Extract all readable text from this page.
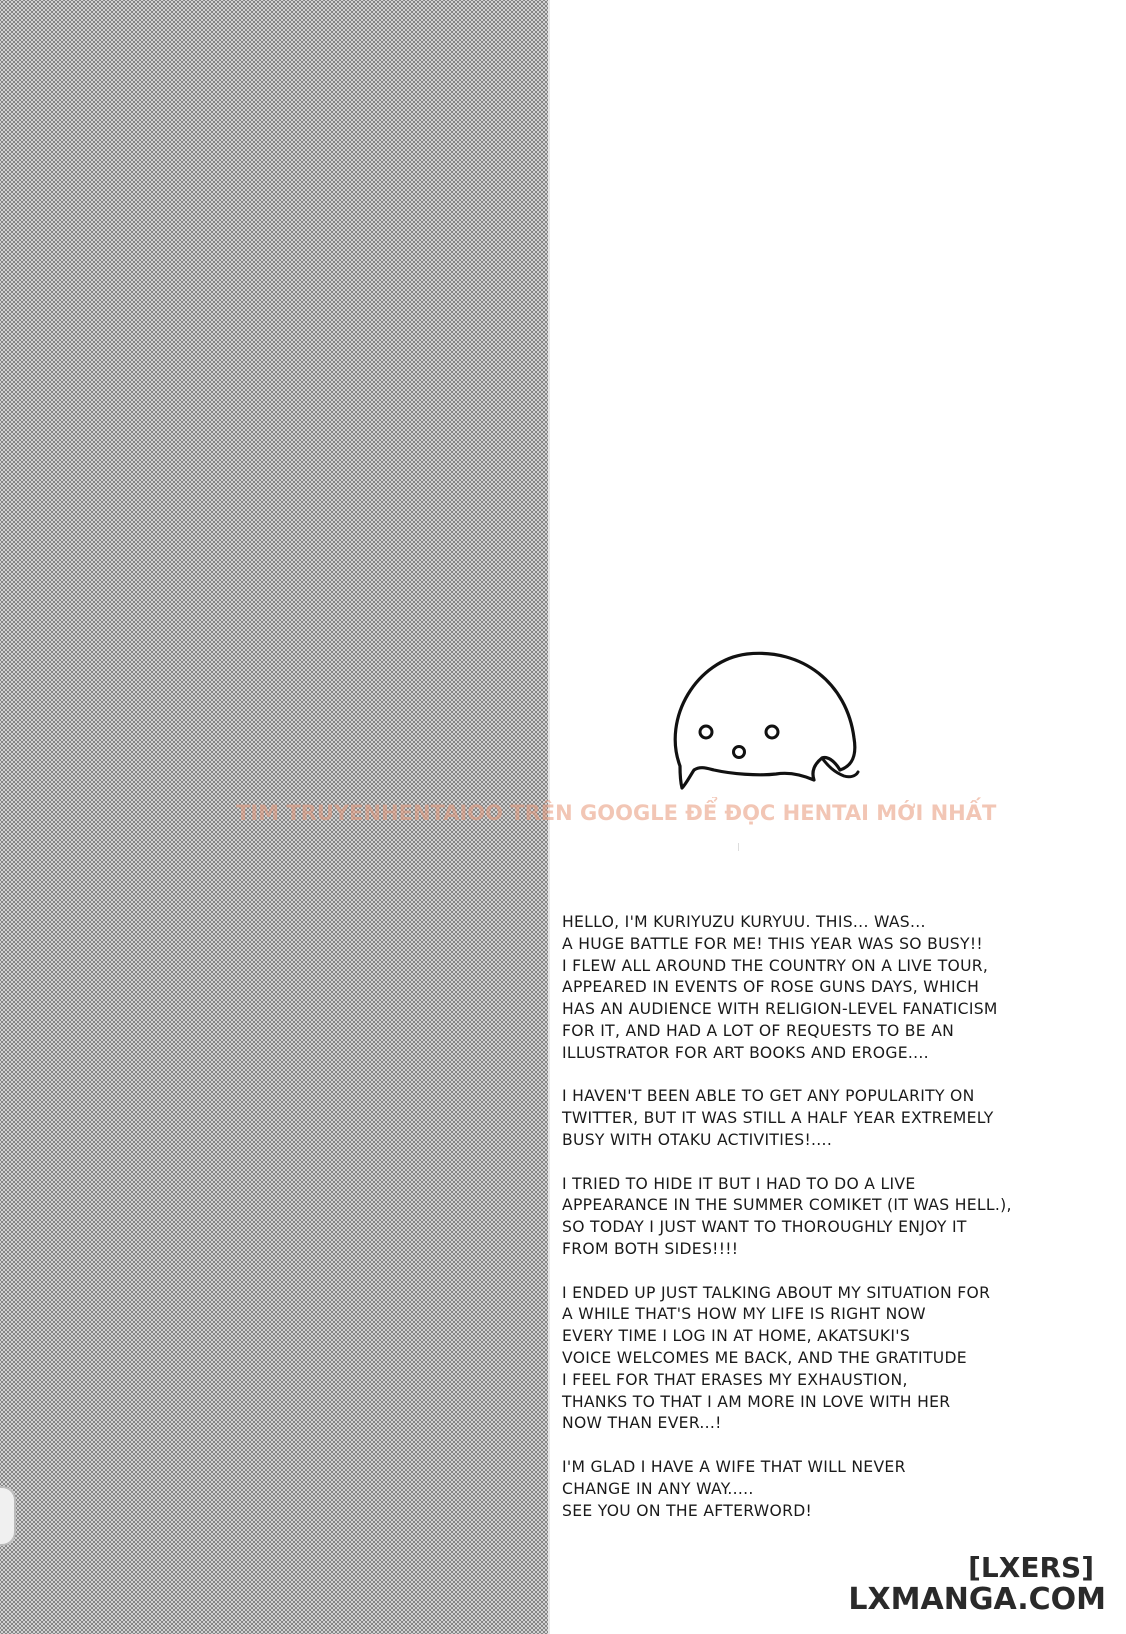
TIM TRUYENHENTAIOO TRÊN GOOGLE ĐỂ ĐỌC HENTAI MỚI NHẤT
HELLO, I'M KURIYUZU KURYUU. THIS... WAS...
A HUGE BATTLE FOR ME! THIS YEAR WAS SO BUSY!!
I FLEW ALL AROUND THE COUNTRY ON A LIVE TOUR,
APPEARED IN EVENTS OF ROSE GUNS DAYS, WHICH
HAS AN AUDIENCE WITH RELIGION-LEVEL FANATICISM
FOR IT, AND HAD A LOT OF REQUESTS TO BE AN
ILLUSTRATOR FOR ART BOOKS AND EROGE....
I HAVEN'T BEEN ABLE TO GET ANY POPULARITY ON
TWITTER, BUT IT WAS STILL A HALF YEAR EXTREMELY
BUSY WITH OTAKU ACTIVITIES!....
I TRIED TO HIDE IT BUT I HAD TO DO A LIVE
APPEARANCE IN THE SUMMER COMIKET (IT WAS HELL.),
SO TODAY I JUST WANT TO THOROUGHLY ENJOY IT
FROM BOTH SIDES!!!!
I ENDED UP JUST TALKING ABOUT MY SITUATION FOR
A WHILE THAT'S HOW MY LIFE IS RIGHT NOW
EVERY TIME I LOG IN AT HOME, AKATSUKI'S
VOICE WELCOMES ME BACK, AND THE GRATITUDE
I FEEL FOR THAT ERASES MY EXHAUSTION,
THANKS TO THAT I AM MORE IN LOVE WITH HER
NOW THAN EVER...!
I'M GLAD I HAVE A WIFE THAT WILL NEVER
CHANGE IN ANY WAY.....
SEE YOU ON THE AFTERWORD!
[LXERS]
LXMANGA.COM
